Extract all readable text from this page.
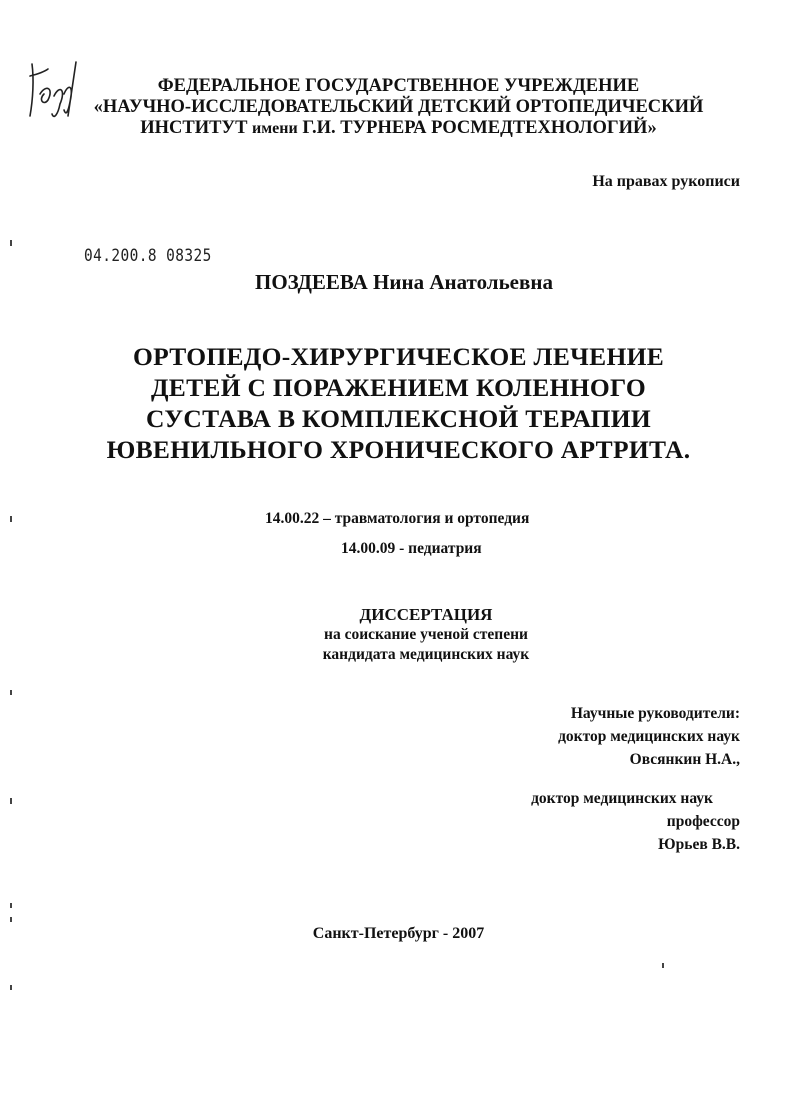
ФЕДЕРАЛЬНОЕ ГОСУДАРСТВЕННОЕ УЧРЕЖДЕНИЕ
«НАУЧНО-ИССЛЕДОВАТЕЛЬСКИЙ ДЕТСКИЙ ОРТОПЕДИЧЕСКИЙ
ИНСТИТУТ имени Г.И. ТУРНЕРА РОСМЕДТЕХНОЛОГИЙ»
На правах рукописи
04.200.8 08325
ПОЗДЕЕВА Нина Анатольевна
ОРТОПЕДО-ХИРУРГИЧЕСКОЕ ЛЕЧЕНИЕ
ДЕТЕЙ С ПОРАЖЕНИЕМ КОЛЕННОГО
СУСТАВА В КОМПЛЕКСНОЙ ТЕРАПИИ
ЮВЕНИЛЬНОГО ХРОНИЧЕСКОГО АРТРИТА.
14.00.22 – травматология и ортопедия
14.00.09 - педиатрия
ДИССЕРТАЦИЯ
на соискание ученой степени
кандидата медицинских наук
Научные руководители:
доктор медицинских наук
Овсянкин Н.А.,
доктор медицинских наук
профессор
Юрьев В.В.
Санкт-Петербург - 2007
